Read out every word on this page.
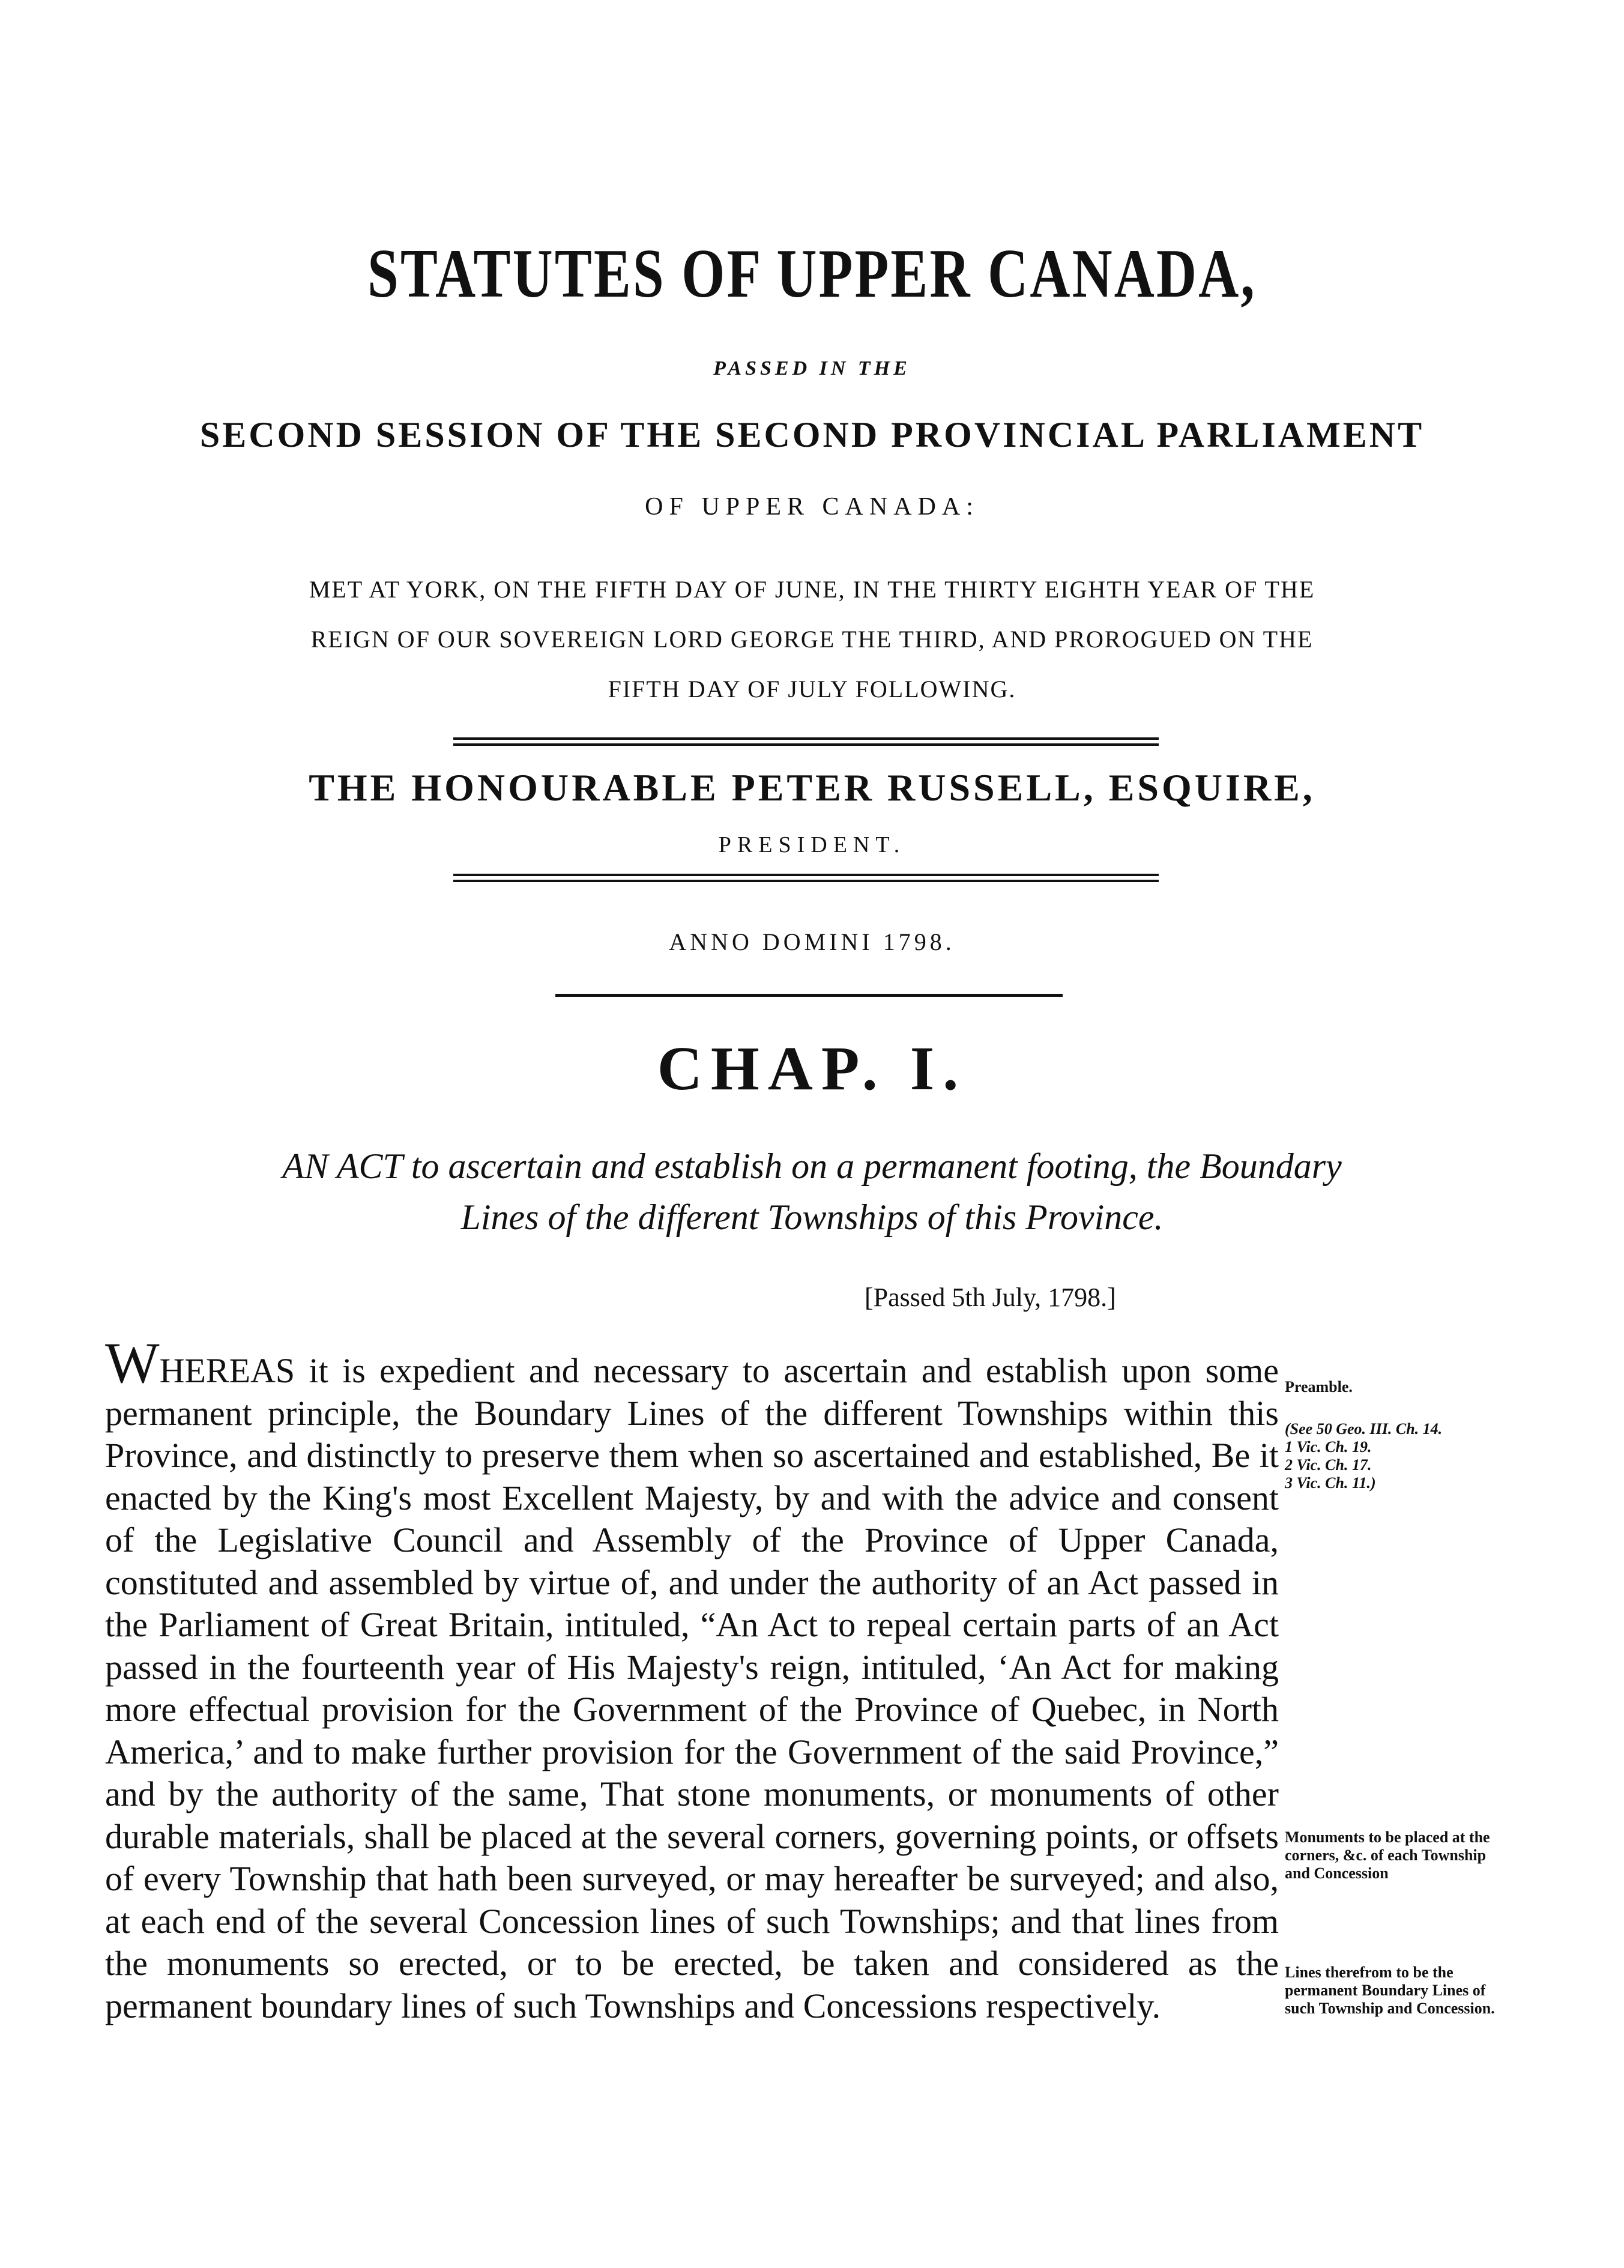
STATUTES OF UPPER CANADA,
PASSED IN THE
SECOND SESSION OF THE SECOND PROVINCIAL PARLIAMENT
OF UPPER CANADA:
MET AT YORK, ON THE FIFTH DAY OF JUNE, IN THE THIRTY EIGHTH YEAR OF THE
REIGN OF OUR SOVEREIGN LORD GEORGE THE THIRD, AND PROROGUED ON THE
FIFTH DAY OF JULY FOLLOWING.
THE HONOURABLE PETER RUSSELL, ESQUIRE,
PRESIDENT.
ANNO DOMINI 1798.
CHAP. I.
AN ACT to ascertain and establish on a permanent footing, the Boundary
Lines of the different Townships of this Province.
[Passed 5th July, 1798.]
WHEREAS it is expedient and necessary to ascertain and establish upon some permanent principle, the Boundary Lines of the different Townships within this Province, and distinctly to preserve them when so ascertained and established, Be it enacted by the King's most Excellent Majesty, by and with the advice and consent of the Legislative Council and Assembly of the Province of Upper Canada, constituted and assembled by virtue of, and under the authority of an Act passed in the Parliament of Great Britain, intituled, “An Act to repeal certain parts of an Act passed in the fourteenth year of His Majesty's reign, intituled, ‘An Act for making more effectual provision for the Government of the Province of Quebec, in North America,’ and to make further provision for the Government of the said Province,” and by the authority of the same, That stone monuments, or monuments of other durable materials, shall be placed at the several corners, governing points, or offsets of every Township that hath been surveyed, or may hereafter be surveyed; and also, at each end of the several Concession lines of such Townships; and that lines from the monuments so erected, or to be erected, be taken and considered as the permanent boundary lines of such Townships and Concessions respectively.
Preamble.
(See 50 Geo. III. Ch. 14.
1 Vic. Ch. 19.
2 Vic. Ch. 17.
3 Vic. Ch. 11.)
Monuments to be placed at the corners, &c. of each Township and Concession
Lines therefrom to be the permanent Boundary Lines of such Township and Concession.
